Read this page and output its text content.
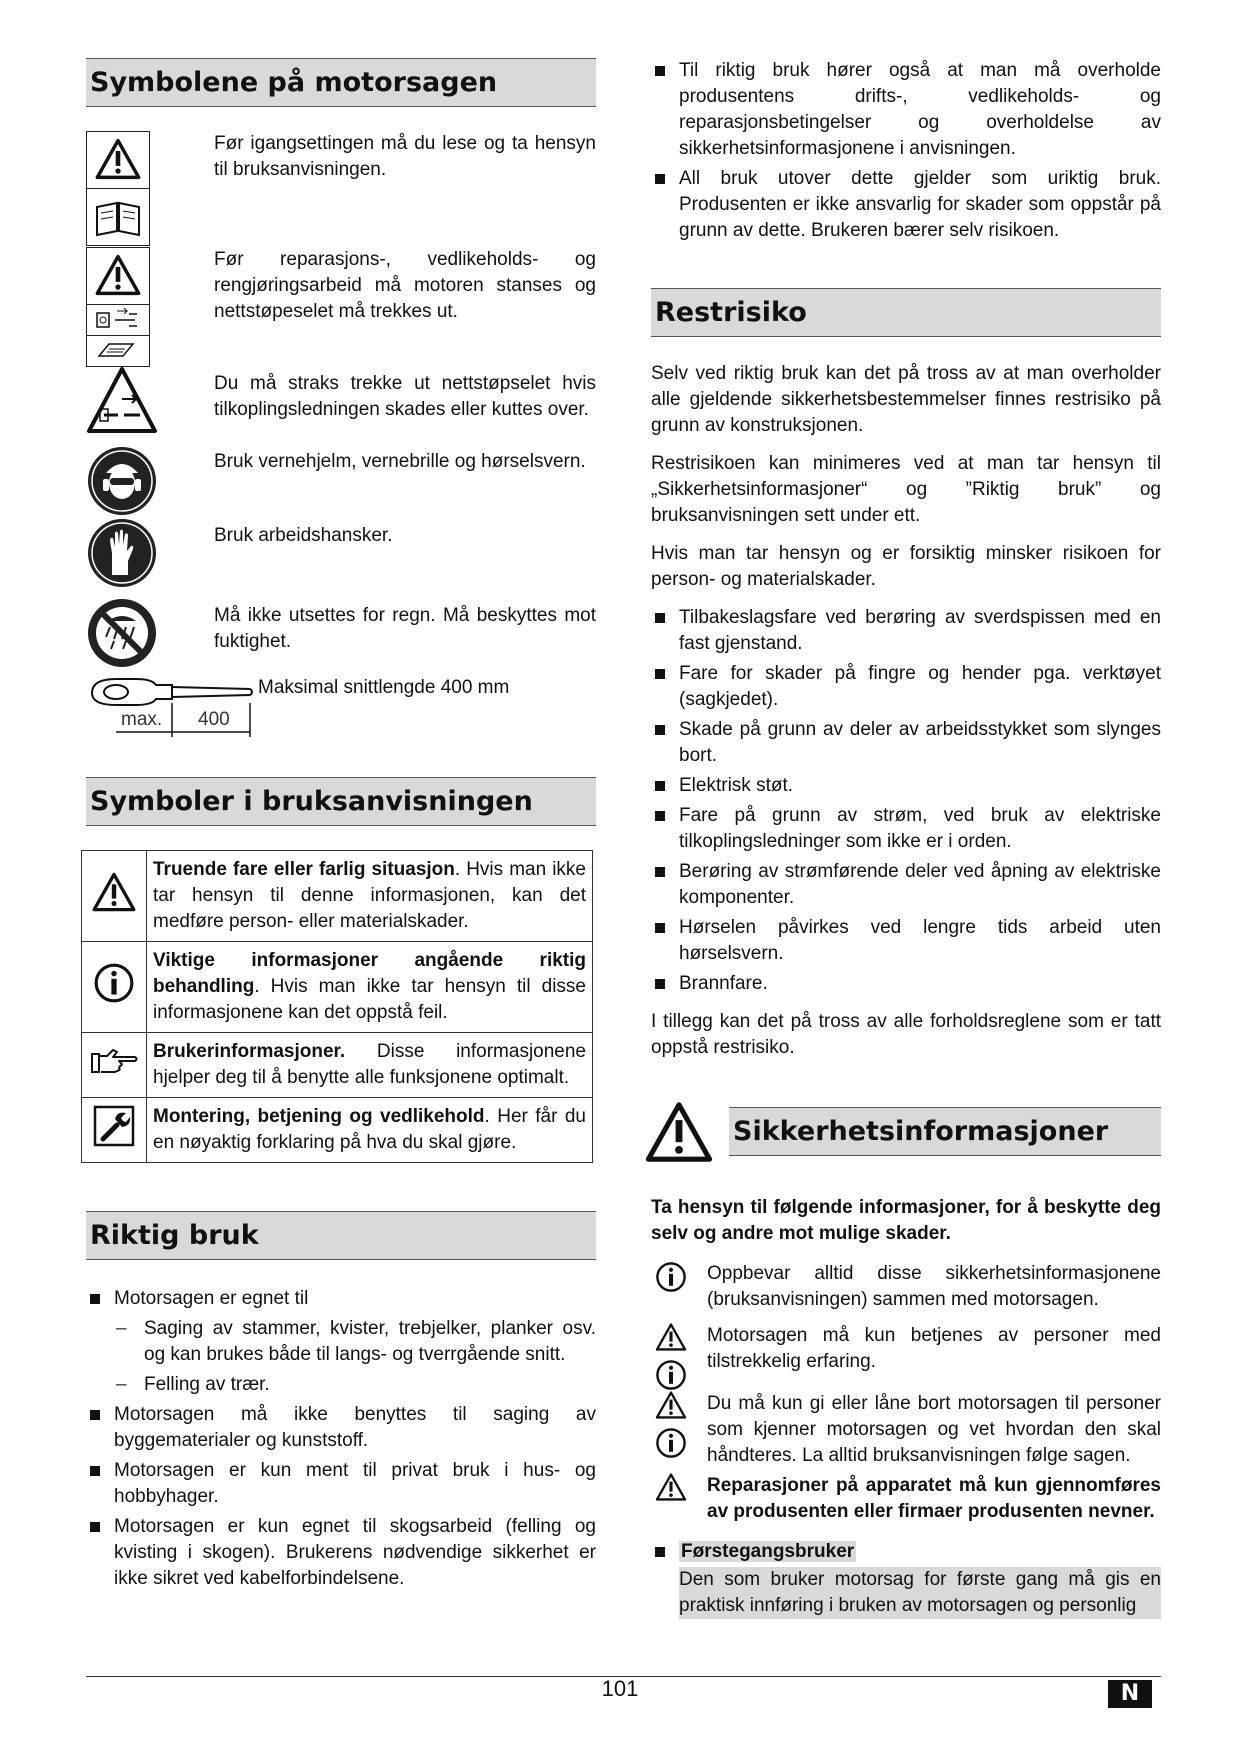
Symbolene på motorsagen
Før igangsettingen må du lese og ta hensyn til bruksanvisningen.
Før reparasjons-, vedlikeholds- og rengjøringsarbeid må motoren stanses og nettstøpeselet må trekkes ut.
Du må straks trekke ut nettstøpselet hvis tilkoplingsledningen skades eller kuttes over.
Bruk vernehjelm, vernebrille og hørselsvern.
Bruk arbeidshansker.
Må ikke utsettes for regn. Må beskyttes mot fuktighet.
max. 400
Maksimal snittlengde 400 mm
Symboler i bruksanvisningen
	Truende fare eller farlig situasjon. Hvis man ikke tar hensyn til denne informasjonen, kan det medføre person- eller materialskader.
	Viktige informasjoner angående riktig behandling. Hvis man ikke tar hensyn til disse informasjonene kan det oppstå feil.
	Brukerinformasjoner. Disse informasjonene hjelper deg til å benytte alle funksjonene optimalt.
	Montering, betjening og vedlikehold. Her får du en nøyaktig forklaring på hva du skal gjøre.
Riktig bruk
Motorsagen er egnet til
– Saging av stammer, kvister, trebjelker, planker osv. og kan brukes både til langs- og tverrgående snitt.
– Felling av trær.
Motorsagen må ikke benyttes til saging av byggematerialer og kunststoff.
Motorsagen er kun ment til privat bruk i hus- og hobbyhager.
Motorsagen er kun egnet til skogsarbeid (felling og kvisting i skogen). Brukerens nødvendige sikkerhet er ikke sikret ved kabelforbindelsene.
Til riktig bruk hører også at man må overholde produsentens drifts-, vedlikeholds- og reparasjonsbetingelser og overholdelse av sikkerhetsinformasjonene i anvisningen.
All bruk utover dette gjelder som uriktig bruk. Produsenten er ikke ansvarlig for skader som oppstår på grunn av dette. Brukeren bærer selv risikoen.
Restrisiko

Selv ved riktig bruk kan det på tross av at man overholder alle gjeldende sikkerhetsbestemmelser finnes restrisiko på grunn av konstruksjonen.

Restrisikoen kan minimeres ved at man tar hensyn til „Sikkerhetsinformasjoner“ og ”Riktig bruk” og bruksanvisningen sett under ett.

Hvis man tar hensyn og er forsiktig minsker risikoen for person- og materialskader.

Tilbakeslagsfare ved berøring av sverdspissen med en fast gjenstand.
Fare for skader på fingre og hender pga. verktøyet (sagkjedet).
Skade på grunn av deler av arbeidsstykket som slynges bort.
Elektrisk støt.
Fare på grunn av strøm, ved bruk av elektriske tilkoplingsledninger som ikke er i orden.
Berøring av strømførende deler ved åpning av elektriske komponenter.
Hørselen påvirkes ved lengre tids arbeid uten hørselsvern.
Brannfare.

I tillegg kan det på tross av alle forholdsreglene som er tatt oppstå restrisiko.

Sikkerhetsinformasjoner

Ta hensyn til følgende informasjoner, for å beskytte deg selv og andre mot mulige skader.

Oppbevar alltid disse sikkerhetsinformasjonene (bruksanvisningen) sammen med motorsagen.

Motorsagen må kun betjenes av personer med tilstrekkelig erfaring.

Du må kun gi eller låne bort motorsagen til personer som kjenner motorsagen og vet hvordan den skal håndteres. La alltid bruksanvisningen følge sagen.
Reparasjoner på apparatet må kun gjennomføres av produsenten eller firmaer produsenten nevner.
Førstegangsbruker
Den som bruker motorsag for første gang må gis en praktisk innføring i bruken av motorsagen og personlig
101	N
